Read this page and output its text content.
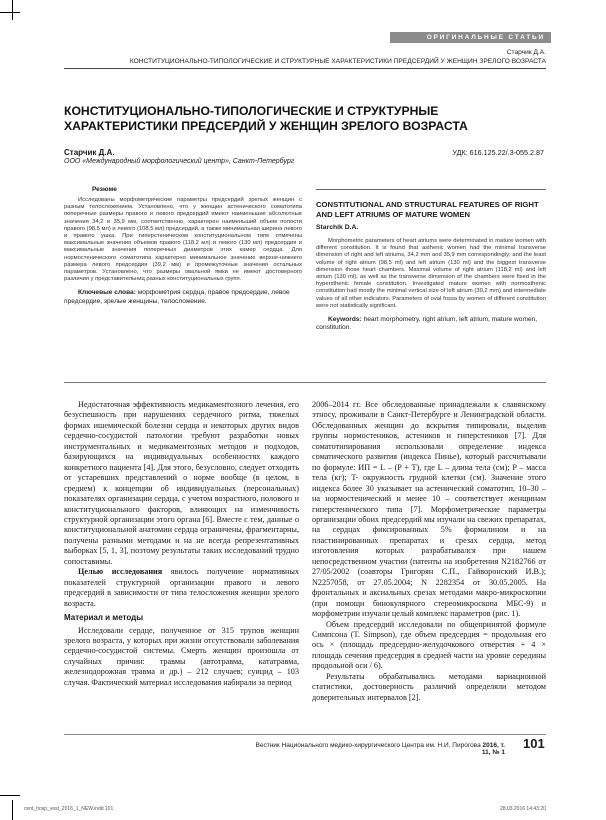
ОРИГИНАЛЬНЫЕ СТАТЬИ
Старчик Д.А.
КОНСТИТУЦИОНАЛЬНО-ТИПОЛОГИЧЕСКИЕ И СТРУКТУРНЫЕ ХАРАКТЕРИСТИКИ ПРЕДСЕРДИЙ У ЖЕНЩИН ЗРЕЛОГО ВОЗРАСТА
КОНСТИТУЦИОНАЛЬНО-ТИПОЛОГИЧЕСКИЕ И СТРУКТУРНЫЕ ХАРАКТЕРИСТИКИ ПРЕДСЕРДИЙ У ЖЕНЩИН ЗРЕЛОГО ВОЗРАСТА
Старчик Д.А.	УДК: 616.125.22/.3-055.2.87
ООО «Международный морфологический центр», Санкт-Петербург
Резюме
Исследованы морфометрические параметры предсердий зрелых женщин с разным телосложением. Установлено, что у женщин астенического соматотипа поперечные размеры правого и левого предсердий имеют наименьшие абсолютные значения 34,2 и 35,9 мм, соответственно, характерен наименьший объем полости правого (98,5 мл) и левого (108,5 мл) предсердий, а также минимальная ширина левого и правого ушка. При гиперстеническом конституциональном типе отмечены максимальные значения объемов правого (118,2 мл) и левого (130 мл) предсердия и максимальные значения поперечных диаметров этих камер сердца. Для нормостенического соматотипа характерно минимальное значение верхне-нижнего размера левого предсердия (39,2 мм) и промежуточные значения остальных параметров. Установлено, что размеры овальной ямки не имеют достоверного различия у представительниц разных конституциональных групп.
Ключевые слова: морфометрия сердца, правое предсердие, левое предсердие, зрелые женщины, телосложение.
CONSTITUTIONAL AND STRUCTURAL FEATURES OF RIGHT AND LEFT ATRIUMS OF MATURE WOMEN
Starchik D.A.
Morphometric parameters of heart atriums were determinated in mature women with different constitution. It is found that asthenic women had the minimal transverse dimension of right and left atriums, 34,2 mm and 35,9 mm correspondingly; and the least volume of right atrium (98,5 ml) and left atrium (130 ml) and the biggest transverse dimension those heart chambers. Maximal volume of right atrium (118,2 ml) and left atrium (130 ml), as well as the transverse dimension of the chambers were fixed in the hypersthenic female constitution. Investigated mature women with normosthenic constitution had mostly the minimal vertical size of left atrium (39,2 mm) and intermediate values of all other indicators. Parameters of oval fossa by women of different constitution were not statistically significant.
Keywords: heart morphometry, right atrium, left atrium, mature women, constitution.

Недостаточная эффективность медикаментозного лечения, его безуспешность при нарушениях сердечного ритма, тяжелых формах ишемической болезни сердца и некоторых других видов сердечно-сосудистой патологии требуют разработки новых инструментальных и медикаментозных методов и подходов, базирующихся на индивидуальных особенностях каждого конкретного пациента [4]. Для этого, безусловно, следует отходить от устаревших представлений о норме вообще (в целом, в среднем) к концепции об индивидуальных (персональных) показателях организации сердца, с учетом возрастного, полового и конституционального факторов, влияющих на изменчивость структурной организации этого органа [6]. Вместе с тем, данные о конституциональной анатомии сердца ограничены, фрагментарны, получены разными методами и на не всегда репрезентативных выборках [5, 1, 3], поэтому результаты таких исследований трудно сопоставимы.

Целью исследования явилось получение нормативных показателей структурной организации правого и левого предсердий в зависимости от типа телосложения женщин зрелого возраста.

Материал и методы

Исследовали сердце, полученное от 315 трупов женщин зрелого возраста, у которых при жизни отсутствовали заболевания сердечно-сосудистой системы. Смерть женщин произошла от случайных причин: травмы (автотравма, кататравма, железнодорожная травма и др.) – 212 случаев; суицид – 103 случая. Фактический материал исследования набирали за период

2006–2014 гг. Все обследованные принадлежали к славянскому этносу, проживали в Санкт-Петербурге и Ленинградской области. Обследованных женщин до вскрытия типировали, выделив группы нормостеников, астеников и гиперстеников [7]. Для соматотипирования использовали определение индекса соматического развития (индекса Пинье), который рассчитывали по формуле: ИП = L – (P + T), где L – длина тела (см); P – масса тела (кг); T- окружность грудной клетки (см). Значение этого индекса более 30 указывает на астенический соматотип, 10–30 – на нормостенический и менее 10 – соответствует женщинам гиперстенического типа [7]. Морфометрические параметры организации обоих предсердий мы изучали на свежих препаратах, на сердцах фиксированных 5% формалином и на пластинированных препаратах и срезах сердца, метод изготовления которых разрабатывался при нашем непосредственном участии (патенты на изобретения N2182766 от 27/05/2002 (соавторы Григорян С.П., Гайворонский И.В.); N2257058, от 27.05.2004; N 2282354 от 30.05.2005. На фронтальных и аксиальных срезах методами макро-микроскопии (при помощи бинокулярного стереомикроскопа МБС-9) и морфометрии изучали целый комплекс параметров (рис. 1).

Объем предсердий исследовали по общепринятой формуле Симпсона (T. Simpson), где объем предсердия = продольная его ось × (площадь предсердно-желудочкового отверстия + 4 × площадь сечения предсердия в средней части на уровне середины продольной оси / 6).

Результаты обрабатывались методами вариационной статистики, достоверность различий определяли методом доверительных интервалов [2].

Вестник Национального медико-хирургического Центра им. Н.И. Пирогова 2016, т. 11, № 1
101
cent_hosp_vest_2016_1_NEW.indd 101	28.03.2016 14:43:20
